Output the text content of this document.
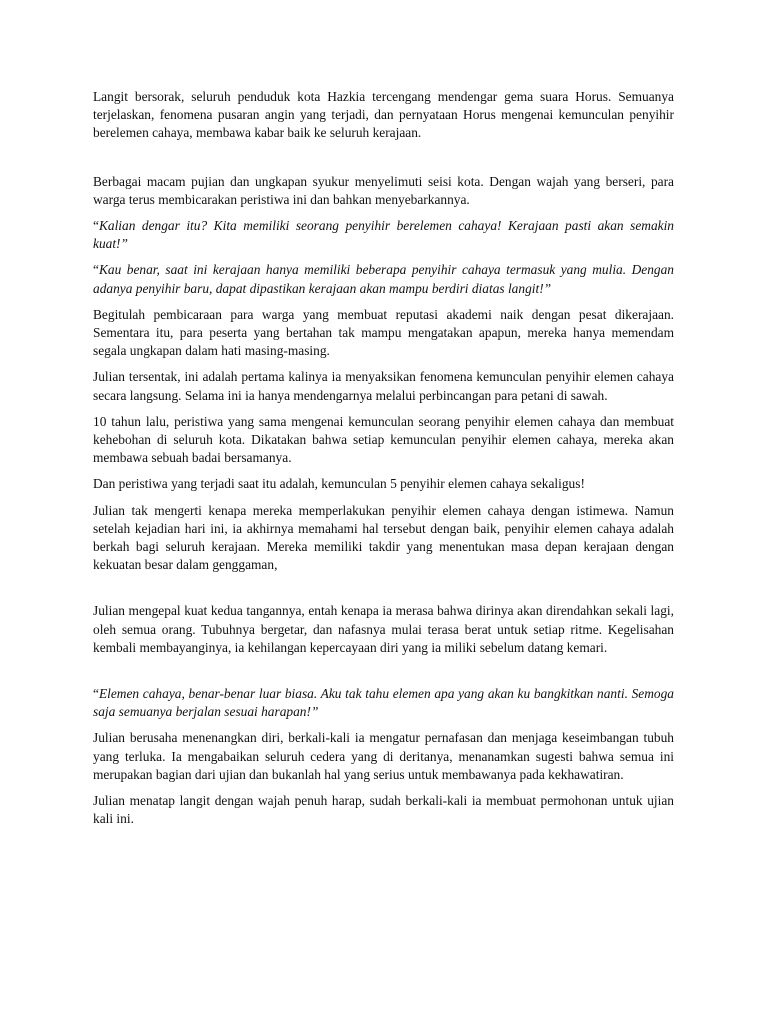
Langit bersorak, seluruh penduduk kota Hazkia tercengang mendengar gema suara Horus. Semuanya terjelaskan, fenomena pusaran angin yang terjadi, dan pernyataan Horus mengenai kemunculan penyihir berelemen cahaya, membawa kabar baik ke seluruh kerajaan.

Berbagai macam pujian dan ungkapan syukur menyelimuti seisi kota. Dengan wajah yang berseri, para warga terus membicarakan peristiwa ini dan bahkan menyebarkannya.

“Kalian dengar itu? Kita memiliki seorang penyihir berelemen cahaya! Kerajaan pasti akan semakin kuat!”

“Kau benar, saat ini kerajaan hanya memiliki beberapa penyihir cahaya termasuk yang mulia. Dengan adanya penyihir baru, dapat dipastikan kerajaan akan mampu berdiri diatas langit!”

Begitulah pembicaraan para warga yang membuat reputasi akademi naik dengan pesat dikerajaan. Sementara itu, para peserta yang bertahan tak mampu mengatakan apapun, mereka hanya memendam segala ungkapan dalam hati masing-masing.

Julian tersentak, ini adalah pertama kalinya ia menyaksikan fenomena kemunculan penyihir elemen cahaya secara langsung. Selama ini ia hanya mendengarnya melalui perbincangan para petani di sawah.

10 tahun lalu, peristiwa yang sama mengenai kemunculan seorang penyihir elemen cahaya dan membuat kehebohan di seluruh kota. Dikatakan bahwa setiap kemunculan penyihir elemen cahaya, mereka akan membawa sebuah badai bersamanya.

Dan peristiwa yang terjadi saat itu adalah, kemunculan 5 penyihir elemen cahaya sekaligus!

Julian tak mengerti kenapa mereka memperlakukan penyihir elemen cahaya dengan istimewa. Namun setelah kejadian hari ini, ia akhirnya memahami hal tersebut dengan baik, penyihir elemen cahaya adalah berkah bagi seluruh kerajaan. Mereka memiliki takdir yang menentukan masa depan kerajaan dengan kekuatan besar dalam genggaman,

Julian mengepal kuat kedua tangannya, entah kenapa ia merasa bahwa dirinya akan direndahkan sekali lagi, oleh semua orang. Tubuhnya bergetar, dan nafasnya mulai terasa berat untuk setiap ritme. Kegelisahan kembali membayanginya, ia kehilangan kepercayaan diri yang ia miliki sebelum datang kemari.

“Elemen cahaya, benar-benar luar biasa. Aku tak tahu elemen apa yang akan ku bangkitkan nanti. Semoga saja semuanya berjalan sesuai harapan!”

Julian berusaha menenangkan diri, berkali-kali ia mengatur pernafasan dan menjaga keseimbangan tubuh yang terluka. Ia mengabaikan seluruh cedera yang di deritanya, menanamkan sugesti bahwa semua ini merupakan bagian dari ujian dan bukanlah hal yang serius untuk membawanya pada kekhawatiran.

Julian menatap langit dengan wajah penuh harap, sudah berkali-kali ia membuat permohonan untuk ujian kali ini.
